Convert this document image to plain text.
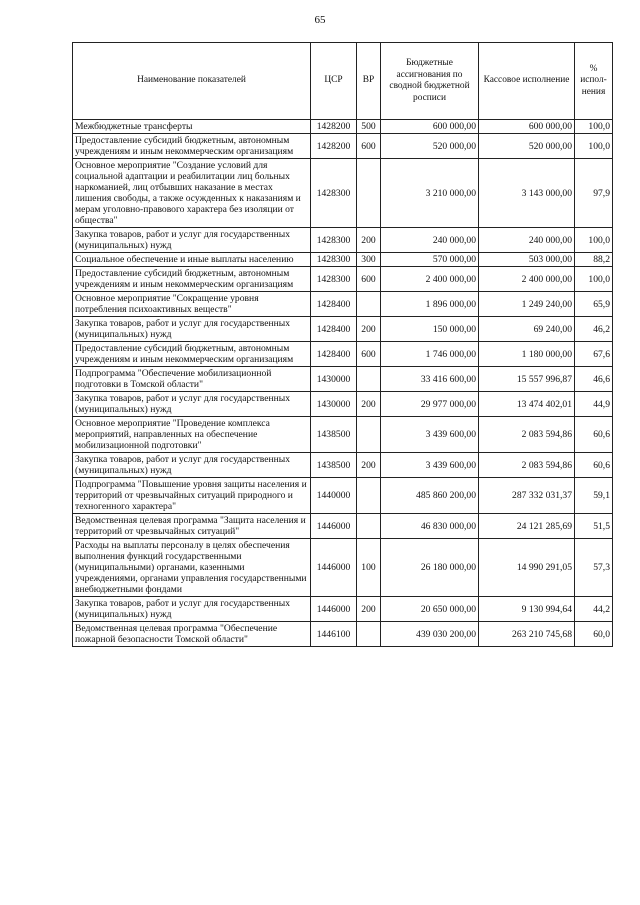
65
Наименование показателей	ЦСР	ВР	Бюджетные ассигнования по сводной бюджетной росписи	Кассовое исполнение	% испол-нения
Межбюджетные трансферты	1428200	500	600 000,00	600 000,00	100,0
Предоставление субсидий бюджетным, автономным учреждениям и иным некоммерческим организациям	1428200	600	520 000,00	520 000,00	100,0
Основное мероприятие "Создание условий для социальной адаптации и реабилитации лиц больных наркоманией, лиц отбывших наказание в местах лишения свободы, а также осужденных к наказаниям и мерам уголовно-правового характера без изоляции от общества"	1428300		3 210 000,00	3 143 000,00	97,9
Закупка товаров, работ и услуг для государственных (муниципальных) нужд	1428300	200	240 000,00	240 000,00	100,0
Социальное обеспечение и иные выплаты населению	1428300	300	570 000,00	503 000,00	88,2
Предоставление субсидий бюджетным, автономным учреждениям и иным некоммерческим организациям	1428300	600	2 400 000,00	2 400 000,00	100,0
Основное мероприятие "Сокращение уровня потребления психоактивных веществ"	1428400		1 896 000,00	1 249 240,00	65,9
Закупка товаров, работ и услуг для государственных (муниципальных) нужд	1428400	200	150 000,00	69 240,00	46,2
Предоставление субсидий бюджетным, автономным учреждениям и иным некоммерческим организациям	1428400	600	1 746 000,00	1 180 000,00	67,6
Подпрограмма "Обеспечение мобилизационной подготовки в Томской области"	1430000		33 416 600,00	15 557 996,87	46,6
Закупка товаров, работ и услуг для государственных (муниципальных) нужд	1430000	200	29 977 000,00	13 474 402,01	44,9
Основное мероприятие "Проведение комплекса мероприятий, направленных на обеспечение мобилизационной подготовки"	1438500		3 439 600,00	2 083 594,86	60,6
Закупка товаров, работ и услуг для государственных (муниципальных) нужд	1438500	200	3 439 600,00	2 083 594,86	60,6
Подпрограмма "Повышение уровня защиты населения и территорий от чрезвычайных ситуаций природного и техногенного характера"	1440000		485 860 200,00	287 332 031,37	59,1
Ведомственная целевая программа "Защита населения и территорий от чрезвычайных ситуаций"	1446000		46 830 000,00	24 121 285,69	51,5
Расходы на выплаты персоналу в целях обеспечения выполнения функций государственными (муниципальными) органами, казенными учреждениями, органами управления государственными внебюджетными фондами	1446000	100	26 180 000,00	14 990 291,05	57,3
Закупка товаров, работ и услуг для государственных (муниципальных) нужд	1446000	200	20 650 000,00	9 130 994,64	44,2
Ведомственная целевая программа "Обеспечение пожарной безопасности Томской области"	1446100		439 030 200,00	263 210 745,68	60,0
